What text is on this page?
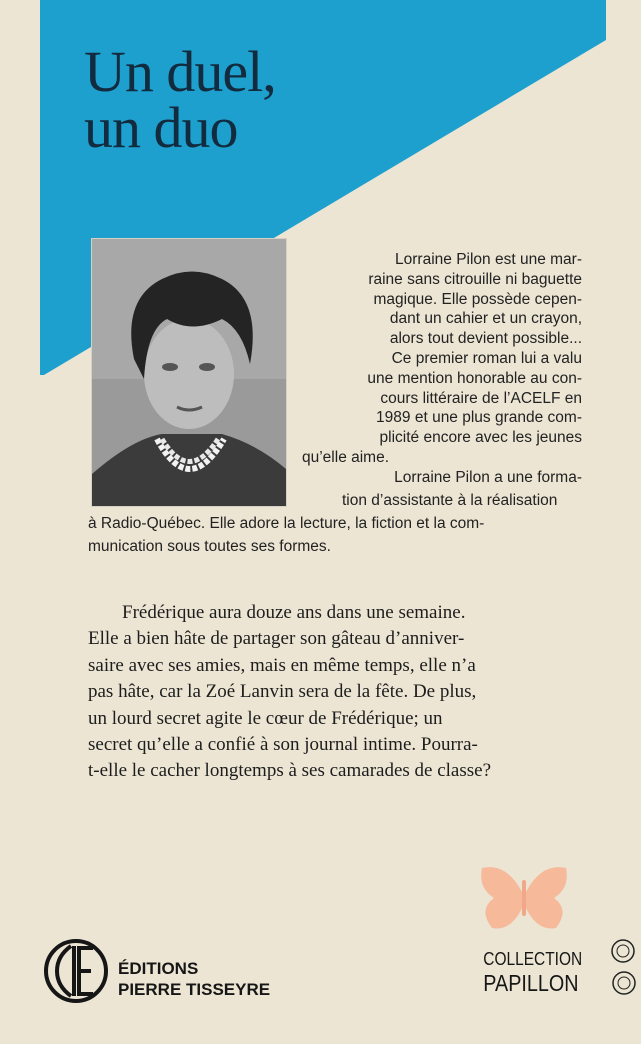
Un duel,
un duo
Lorraine Pilon est une mar-
raine sans citrouille ni baguette
magique. Elle possède cepen-
dant un cahier et un crayon,
alors tout devient possible...
Ce premier roman lui a valu
une mention honorable au con-
cours littéraire de l’ACELF en
1989 et une plus grande com-
plicité encore avec les jeunes
qu’elle aime.
Lorraine Pilon a une forma-
tion d’assistante à la réalisation
à Radio-Québec. Elle adore la lecture, la fiction et la com-
munication sous toutes ses formes.
Frédérique aura douze ans dans une semaine.
Elle a bien hâte de partager son gâteau d’anniver-
saire avec ses amies, mais en même temps, elle n’a
pas hâte, car la Zoé Lanvin sera de la fête. De plus,
un lourd secret agite le cœur de Frédérique; un
secret qu’elle a confié à son journal intime. Pourra-
t-elle le cacher longtemps à ses camarades de classe?
ÉDITIONS
PIERRE TISSEYRE
COLLECTION
PAPILLON
